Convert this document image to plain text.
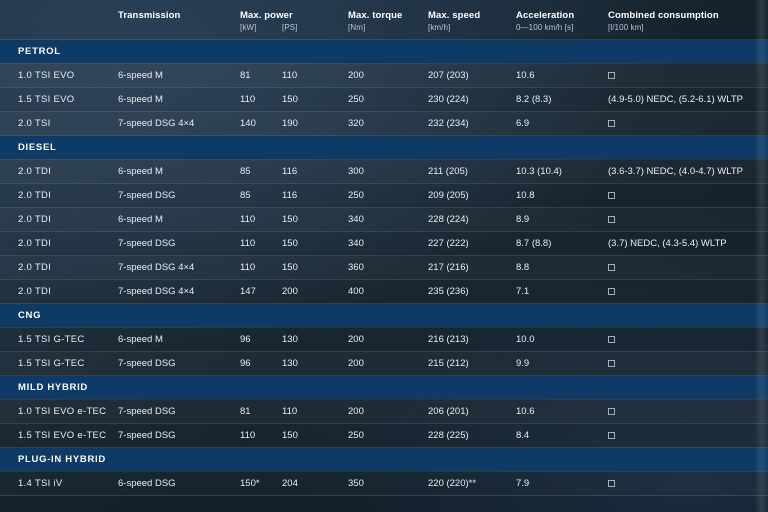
	Transmission	Max. power		Max. torque	Max. speed	Acceleration	Combined consumption
		[kW]	[PS]	[Nm]	[km/h]	0—100 km/h [s]	[l/100 km]
PETROL							
1.0 TSI EVO	6-speed M	81	110	200	207 (203)	10.6	
1.5 TSI EVO	6-speed M	110	150	250	230 (224)	8.2 (8.3)	(4.9-5.0) NEDC, (5.2-6.1) WLTP
2.0 TSI	7-speed DSG 4×4	140	190	320	232 (234)	6.9	
DIESEL							
2.0 TDI	6-speed M	85	116	300	211 (205)	10.3 (10.4)	(3.6-3.7) NEDC, (4.0-4.7) WLTP
2.0 TDI	7-speed DSG	85	116	250	209 (205)	10.8	
2.0 TDI	6-speed M	110	150	340	228 (224)	8.9	
2.0 TDI	7-speed DSG	110	150	340	227 (222)	8.7 (8.8)	(3.7) NEDC, (4.3-5.4) WLTP
2.0 TDI	7-speed DSG 4×4	110	150	360	217 (216)	8.8	
2.0 TDI	7-speed DSG 4×4	147	200	400	235 (236)	7.1	
CNG							
1.5 TSI G-TEC	6-speed M	96	130	200	216 (213)	10.0	
1.5 TSI G-TEC	7-speed DSG	96	130	200	215 (212)	9.9	
MILD HYBRID							
1.0 TSI EVO e-TEC	7-speed DSG	81	110	200	206 (201)	10.6	
1.5 TSI EVO e-TEC	7-speed DSG	110	150	250	228 (225)	8.4	
PLUG-IN HYBRID							
1.4 TSI iV	6-speed DSG	150*	204	350	220 (220)**	7.9	
